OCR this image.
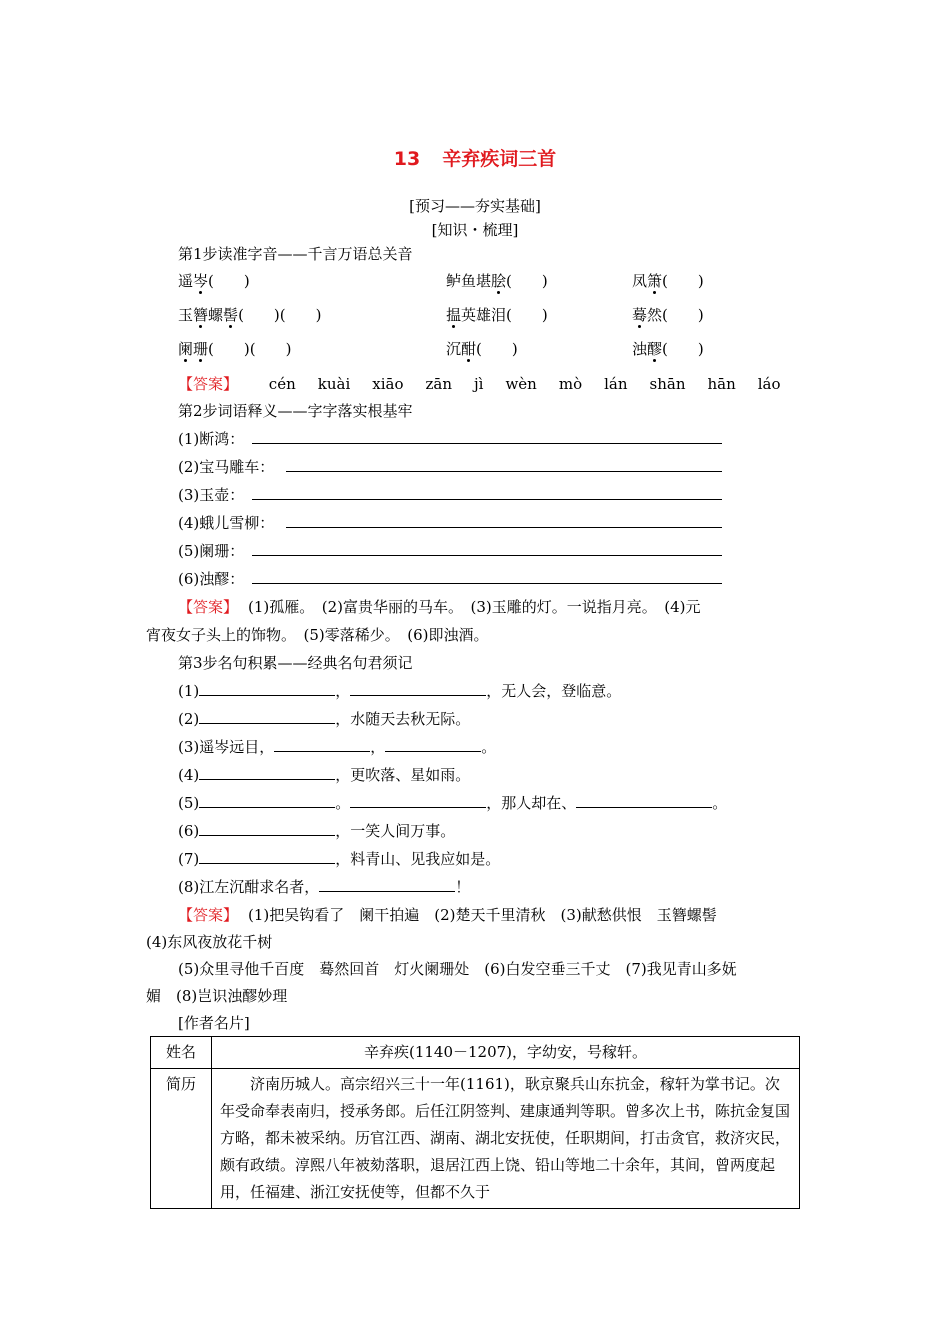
13 辛弃疾词三首
[预习——夯实基础]
[知识・梳理]
第1步读准字音——千言万语总关音
遥岑(　　)	鲈鱼堪脍(　　)	凤箫(　　)
玉簪螺髻(　　)(　　)	揾英雄泪(　　)	蓦然(　　)
阑珊(　　)(　　)	沉酣(　　)	浊醪(　　)
【答案】 cén kuài xiāo zān jì wèn mò lán shān hān láo
第2步词语释义——字字落实根基牢
(1)断鸿：
(2)宝马雕车：
(3)玉壶：
(4)蛾儿雪柳：
(5)阑珊：
(6)浊醪：
【答案】 (1)孤雁。　(2)富贵华丽的马车。　(3)玉雕的灯。一说指月亮。　(4)元
宵夜女子头上的饰物。　(5)零落稀少。　(6)即浊酒。
第3步名句积累——经典名句君须记
(1)	，	，无人会，登临意。
(2)	，水随天去秋无际。
(3)遥岑远目，	，	。
(4)	，更吹落、星如雨。
(5)	。	，那人却在、	。
(6)	，一笑人间万事。
(7)	，料青山、见我应如是。
(8)江左沉酣求名者，	！
【答案】 (1)把吴钩看了　阑干拍遍　(2)楚天千里清秋　(3)献愁供恨　玉簪螺髻
(4)东风夜放花千树
(5)众里寻他千百度　蓦然回首　灯火阑珊处　(6)白发空垂三千丈　(7)我见青山多妩
媚　(8)岂识浊醪妙理
[作者名片]
姓名	辛弃疾(1140－1207)，字幼安，号稼轩。
简历	济南历城人。高宗绍兴三十一年(1161)，耿京聚兵山东抗金，稼轩为掌书记。次年受命奉表南归，授承务郎。后任江阴签判、建康通判等职。曾多次上书，陈抗金复国方略，都未被采纳。历官江西、湖南、湖北安抚使，任职期间，打击贪官，救济灾民，颇有政绩。淳熙八年被劾落职，退居江西上饶、铅山等地二十余年，其间，曾两度起用，任福建、浙江安抚使等，但都不久于
